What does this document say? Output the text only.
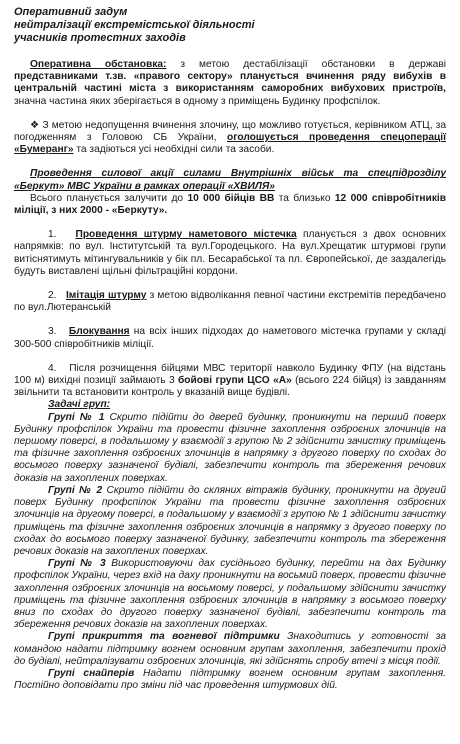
Оперативний задум
нейтралізації екстремістської діяльності
учасників протестних заходів

Оперативна обстановка: з метою дестабілізації обстановки в державі представниками т.зв. «правого сектору» планується вчинення ряду вибухів в центральній частині міста з використанням саморобних вибухових пристроїв, значна частина яких зберігається в одному з приміщень Будинку профспілок.

❖ З метою недопущення вчинення злочину, що можливо готується, керівником АТЦ, за погодженням з Головою СБ України, оголошується проведення спецоперації «Бумеранг» та задіються усі необхідні сили та засоби.

Проведення силової акції силами Внутрішніх військ та спецпідрозділу «Беркут» МВС України в рамках операції «ХВИЛЯ»

Всього планується залучити до 10 000 бійців ВВ та близько 12 000 співробітників міліції, з них 2000 - «Беркуту».

1. Проведення штурму наметового містечка планується з двох основних напрямків: по вул. Інститутській та вул.Городецького. На вул.Хрещатик штурмові групи витіснятимуть мітингувальників у бік пл. Бесарабської та пл. Європейської, де заздалегідь будуть виставлені щільні фільтраційні кордони.

2. Імітація штурму з метою відволікання певної частини екстремітів передбачено по вул.Лютеранській

3. Блокування на всіх інших підходах до наметового містечка групами у складі 300-500 співробітників міліції.

4.   Після розчищення бійцями МВС території навколо Будинку ФПУ (на відстань 100 м) вихідні позиції займають 3 бойові групи ЦСО «А» (всього 224 бійця) із завданням звільнити та встановити контроль у вказаній вище будівлі.

Задачі груп:

Групі № 1 Скрито підійти до дверей будинку, проникнути на перший поверх Будинку профспілок України та провести фізичне захоплення озброєних злочинців на першому поверсі, в подальшому у взаємодії з групою № 2 здійснити зачистку приміщень та фізичне захоплення озброєних злочинців в напрямку з другого поверху по сходах до восьмого поверху зазначеної будівлі, забезпечити контроль та збереження речових доказів на захоплених поверхах.

Групі № 2 Скрито підійти до скляних вітражів будинку, проникнути на другий поверх Будинку профспілок України та провести фізичне захоплення озброєних злочинців на другому поверсі, в подальшому у взаємодії з групою № 1 здійснити зачистку приміщень та фізичне захоплення озброєних злочинців в напрямку з другого поверху по сходах до восьмого поверху зазначеної будинку, забезпечити контроль та збереження речових доказів на захоплених поверхах.

Групі № 3 Використовуючи дах сусіднього будинку, перейти на дах Будинку профспілок України, через вхід на даху проникнути на восьмий поверх, провести фізичне захоплення озброєних злочинців на восьмому поверсі, у подальшому здійснити зачистку приміщень та фізичне захоплення озброєних злочинців в напрямку з восьмого поверху вниз по сходах до другого поверху зазначеної будівлі, забезпечити контроль та збереження речових доказів на захоплених поверхах.

Групі прикриття та вогневої підтримки Знаходитись у готовності за командою надати підтримку вогнем основним групам захоплення, забезпечити прохід до будівлі, нейтралізувати озброєних злочинців, які здійснять спробу втечі з місця події.

Групі снайперів Надати підтримку вогнем основним групам захоплення. Постійно доповідати про зміни під час проведення штурмових дій.
